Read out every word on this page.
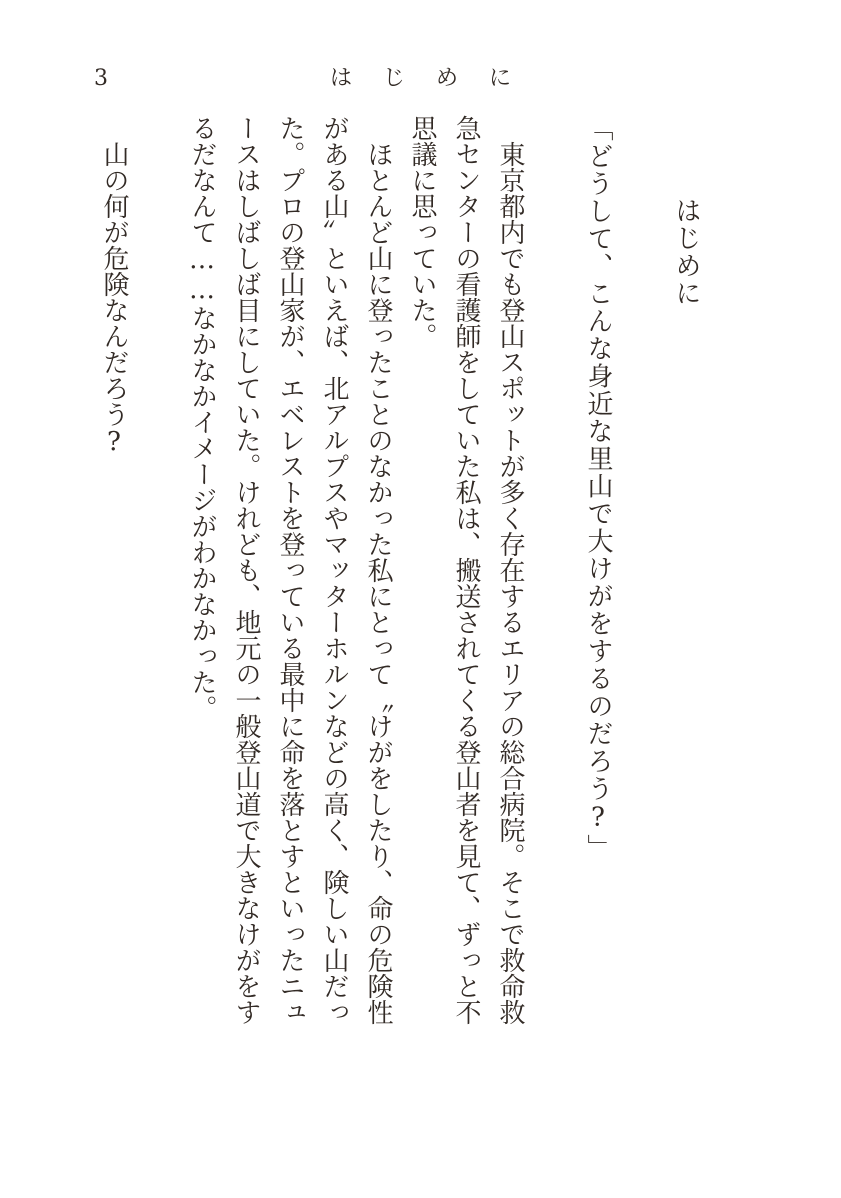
3	はじめに
はじめに
「どうして、こんな身近な里山で大けがをするのだろう?」
東京都内でも登山スポットが多く存在するエリアの総合病院。そこで救命救
急センターの看護師をしていた私は、搬送されてくる登山者を見て、ずっと不
思議に思っていた。
ほとんど山に登ったことのなかった私にとって〝けがをしたり、命の危険性
がある山〟といえば、北アルプスやマッターホルンなどの高く、険しい山だっ
た。プロの登山家が、エベレストを登っている最中に命を落とすといったニュ
ースはしばしば目にしていた。けれども、地元の一般登山道で大きなけがをす
るだなんて……なかなかイメージがわかなかった。
山の何が危険なんだろう?
